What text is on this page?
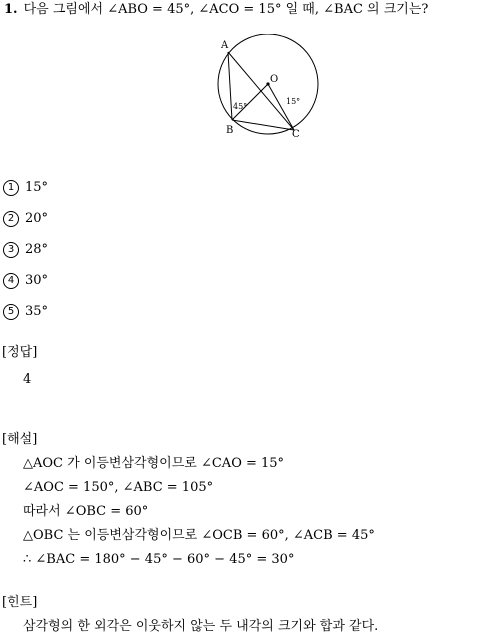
1. 다음 그림에서 ∠ABO = 45°, ∠ACO = 15° 일 때, ∠BAC 의 크기는?
A
B	C
O
45°
15°
1 15°
2 20°
3 28°
4 30°
5 35°
[정답]
4
[해설]
△AOC 가 이등변삼각형이므로 ∠CAO = 15°
∠AOC = 150°, ∠ABC = 105°
따라서 ∠OBC = 60°
△OBC 는 이등변삼각형이므로 ∠OCB = 60°, ∠ACB = 45°
∴ ∠BAC = 180° − 45° − 60° − 45° = 30°
[힌트]
삼각형의 한 외각은 이웃하지 않는 두 내각의 크기와 합과 같다.
